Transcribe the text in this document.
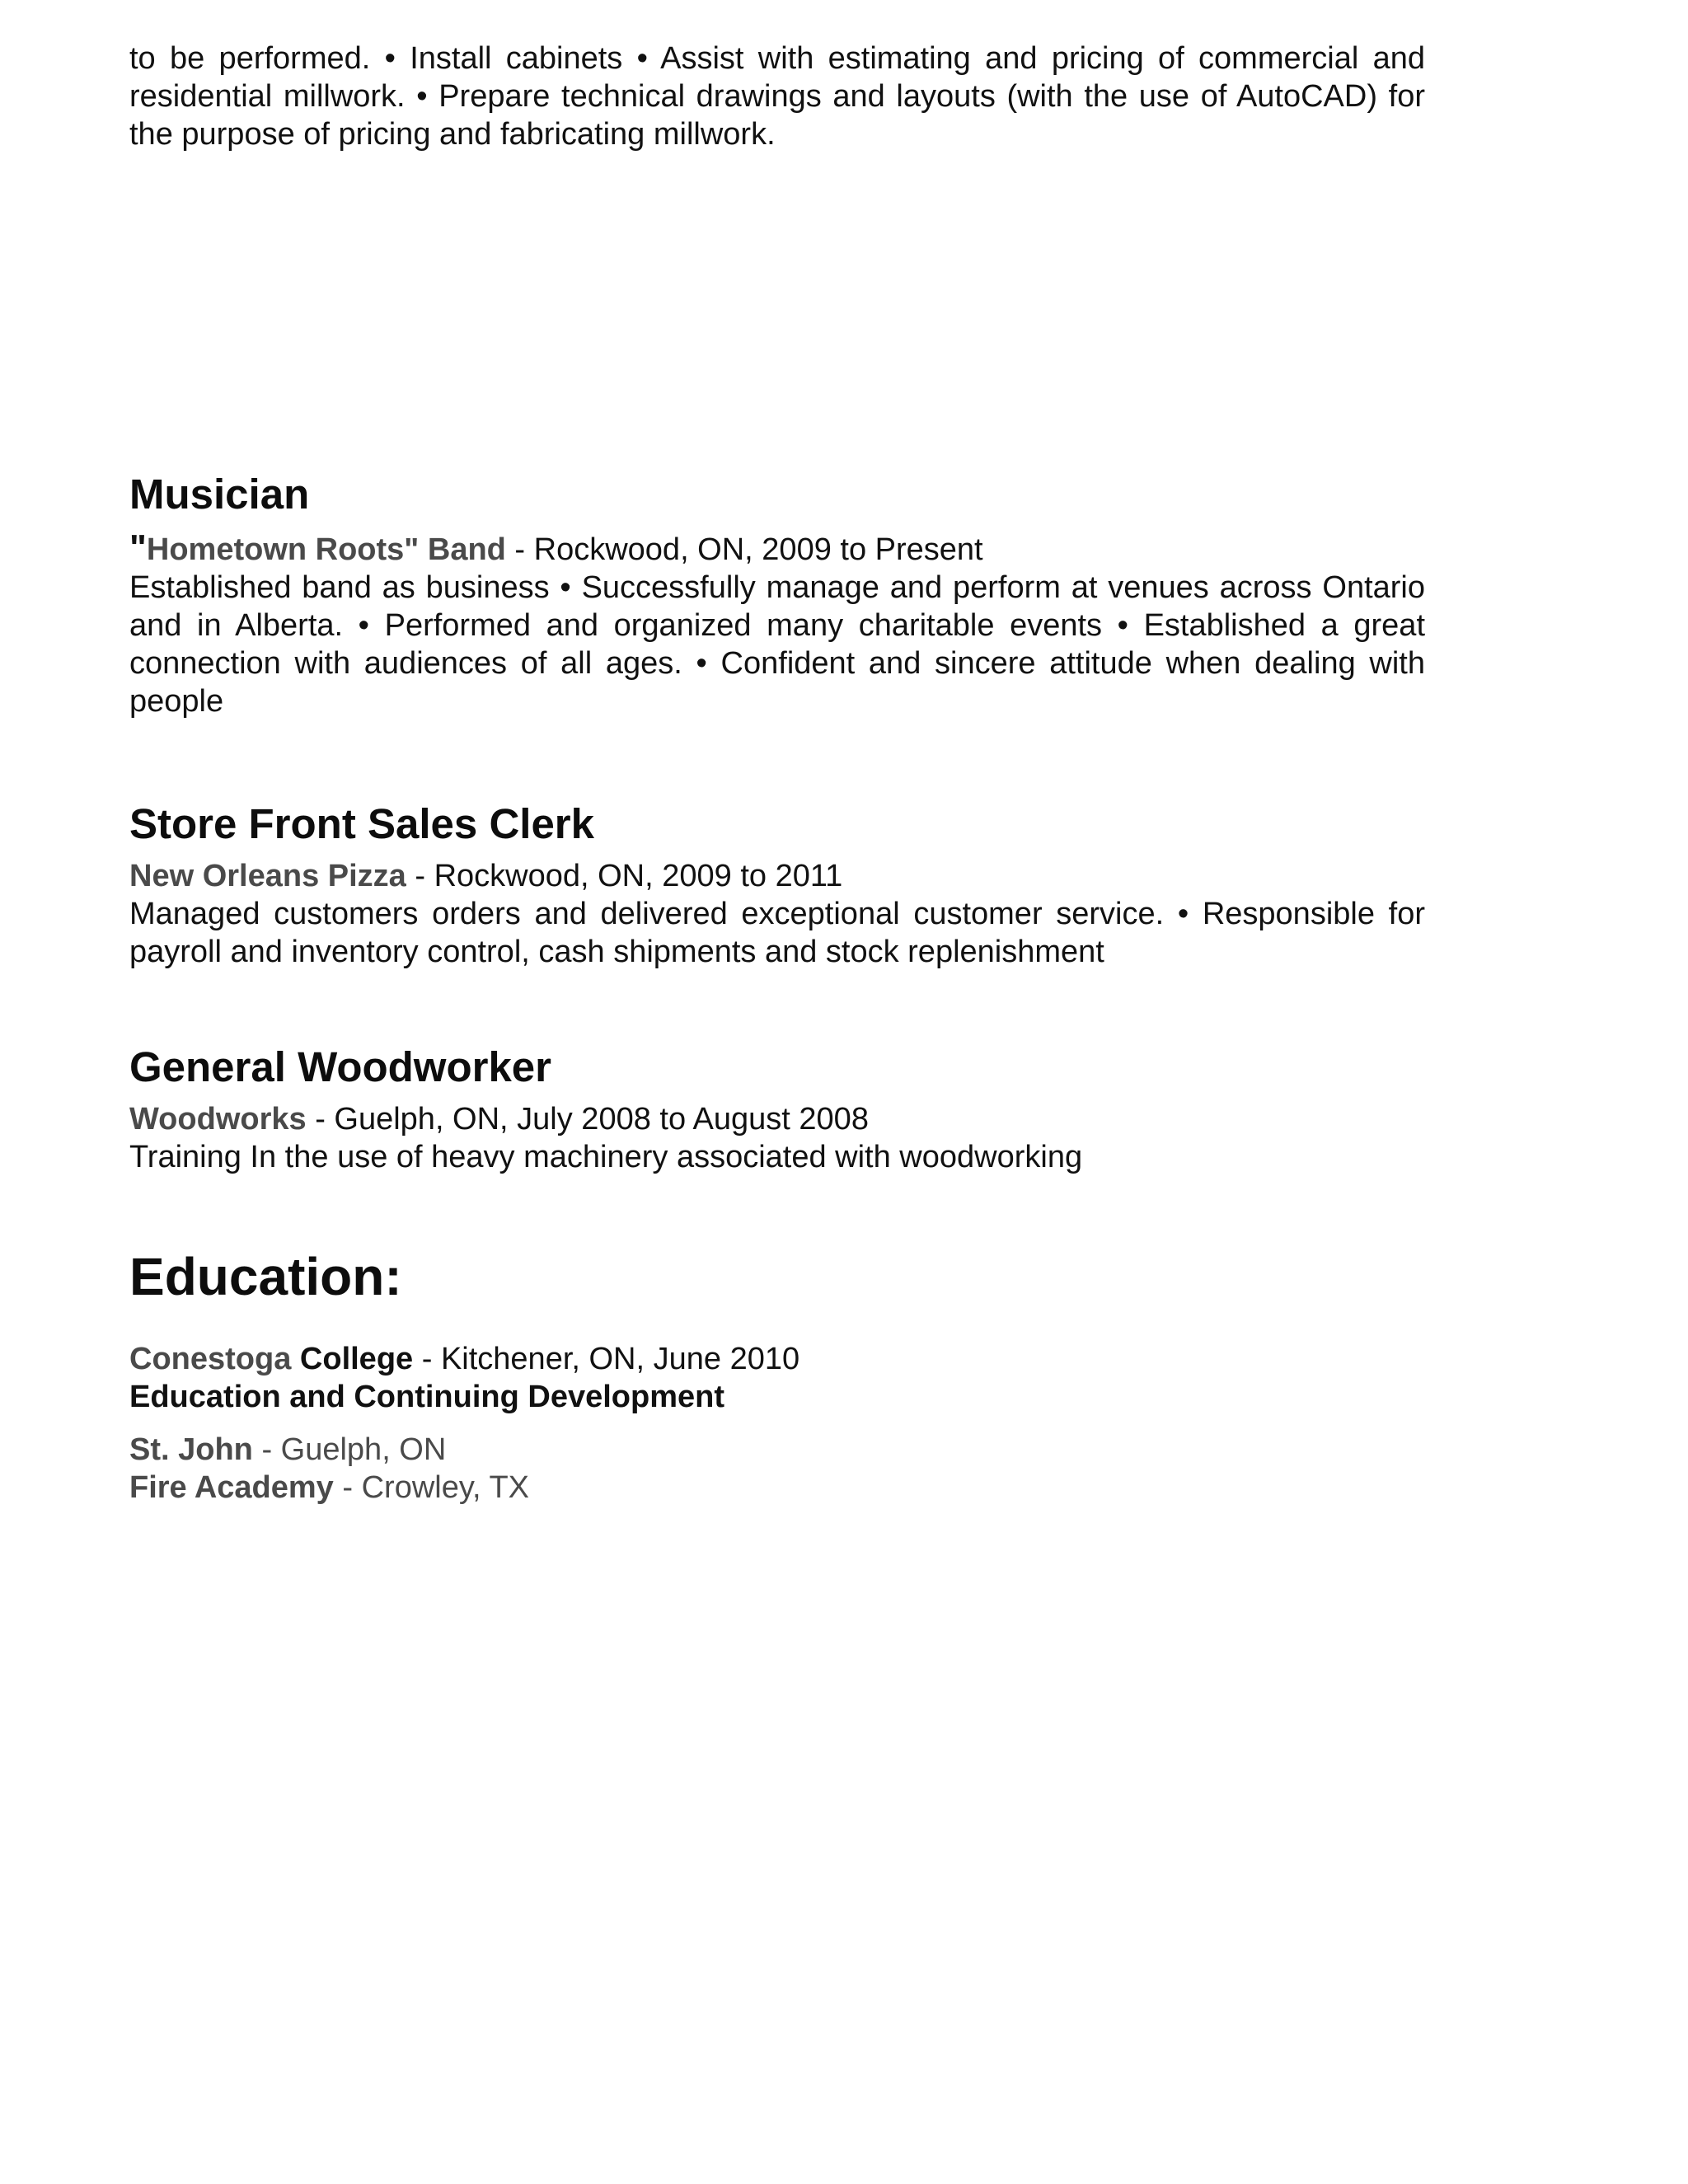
to be performed. • Install cabinets • Assist with estimating and pricing of commercial and residential millwork. • Prepare technical drawings and layouts (with the use of AutoCAD) for the purpose of pricing and fabricating millwork.

Musician

"Hometown Roots" Band - Rockwood, ON, 2009 to Present

Established band as business • Successfully manage and perform at venues across Ontario and in Alberta. • Performed and organized many charitable events • Established a great connection with audiences of all ages. • Confident and sincere attitude when dealing with people

Store Front Sales Clerk

New Orleans Pizza - Rockwood, ON, 2009 to 2011

Managed customers orders and delivered exceptional customer service. • Responsible for payroll and inventory control, cash shipments and stock replenishment

General Woodworker

Woodworks - Guelph, ON, July 2008 to August 2008

Training In the use of heavy machinery associated with woodworking

Education:

Conestoga College - Kitchener, ON, June 2010

Education and Continuing Development

St. John - Guelph, ON

Fire Academy - Crowley, TX
